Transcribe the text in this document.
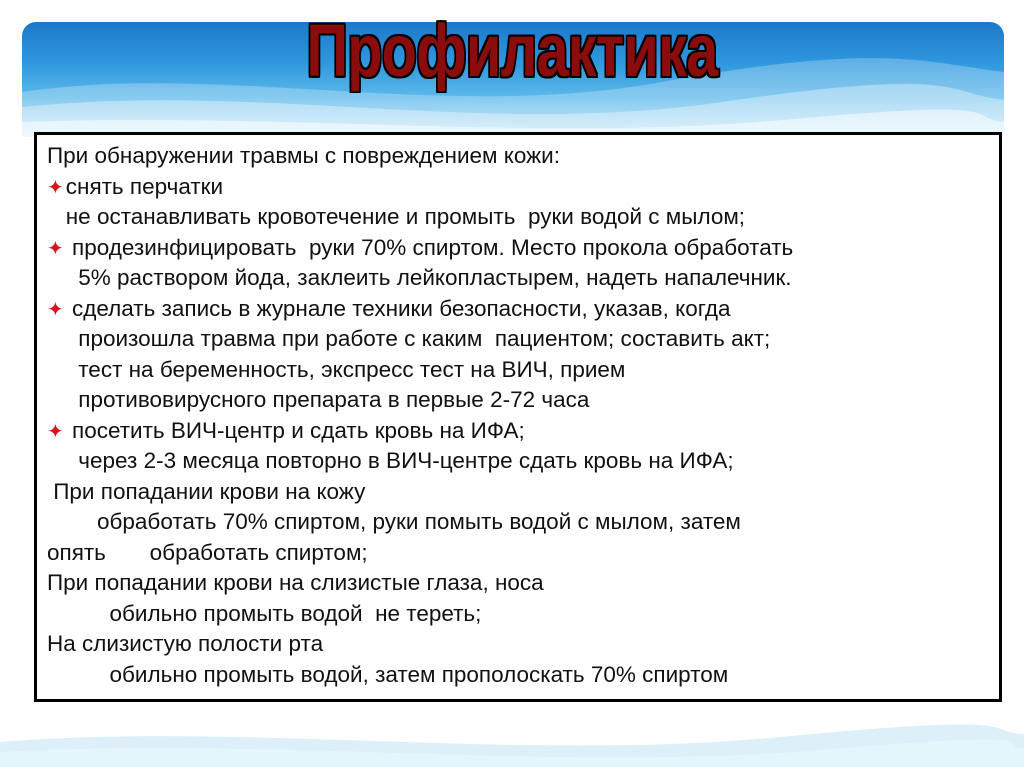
Профилактика
При обнаружении травмы с повреждением кожи:
✦снять перчатки
не останавливать кровотечение и промыть  руки водой с мылом;
✦ продезинфицировать  руки 70% спиртом. Место прокола обработать
5% раствором йода, заклеить лейкопластырем, надеть напалечник.
✦ сделать запись в журнале техники безопасности, указав, когда
произошла травма при работе с каким  пациентом; составить акт;
тест на беременность, экспресс тест на ВИЧ, прием
противовирусного препарата в первые 2-72 часа
✦ посетить ВИЧ-центр и сдать кровь на ИФА;
через 2-3 месяца повторно в ВИЧ-центре сдать кровь на ИФА;
При попадании крови на кожу
обработать 70% спиртом, руки помыть водой с мылом, затем
опять       обработать спиртом;
При попадании крови на слизистые глаза, носа
обильно промыть водой  не тереть;
На слизистую полости рта
обильно промыть водой, затем прополоскать 70% спиртом
